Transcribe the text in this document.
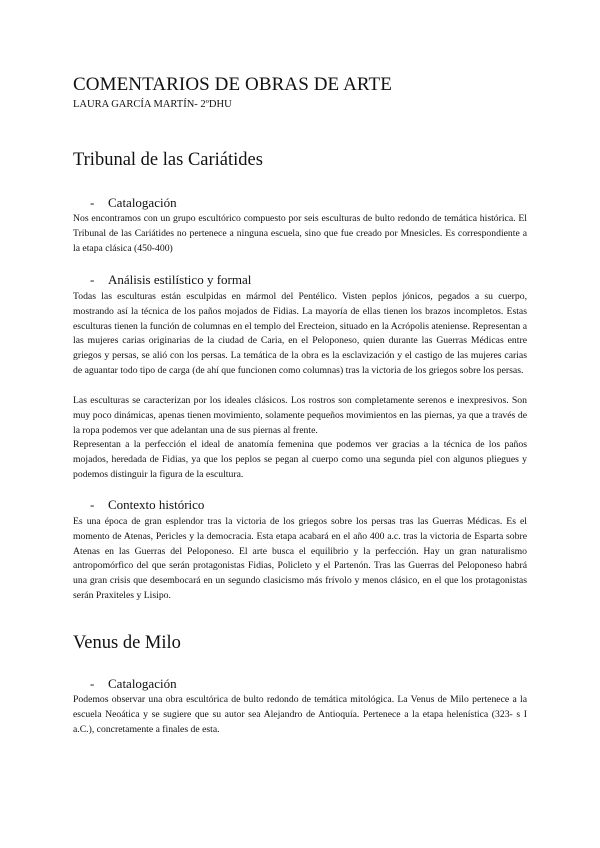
COMENTARIOS DE OBRAS DE ARTE
LAURA GARCÍA MARTÍN- 2ºDHU
Tribunal de las Cariátides
- Catalogación

Nos encontramos con un grupo escultórico compuesto por seis esculturas de bulto redondo de temática histórica. El Tribunal de las Cariátides no pertenece a ninguna escuela, sino que fue creado por Mnesicles. Es correspondiente a la etapa clásica (450-400)

- Análisis estilístico y formal

Todas las esculturas están esculpidas en mármol del Pentélico. Visten peplos jónicos, pegados a su cuerpo, mostrando así la técnica de los paños mojados de Fidias. La mayoría de ellas tienen los brazos incompletos. Estas esculturas tienen la función de columnas en el templo del Erecteion, situado en la Acrópolis ateniense. Representan a las mujeres carias originarias de la ciudad de Caria, en el Peloponeso, quien durante las Guerras Médicas entre griegos y persas, se alió con los persas. La temática de la obra es la esclavización y el castigo de las mujeres carias de aguantar todo tipo de carga (de ahí que funcionen como columnas) tras la victoria de los griegos sobre los persas.

Las esculturas se caracterizan por los ideales clásicos. Los rostros son completamente serenos e inexpresivos. Son muy poco dinámicas, apenas tienen movimiento, solamente pequeños movimientos en las piernas, ya que a través de la ropa podemos ver que adelantan una de sus piernas al frente.

Representan a la perfección el ideal de anatomía femenina que podemos ver gracias a la técnica de los paños mojados, heredada de Fidias, ya que los peplos se pegan al cuerpo como una segunda piel con algunos pliegues y podemos distinguir la figura de la escultura.

- Contexto histórico

Es una época de gran esplendor tras la victoria de los griegos sobre los persas tras las Guerras Médicas. Es el momento de Atenas, Pericles y la democracia. Esta etapa acabará en el año 400 a.c. tras la victoria de Esparta sobre Atenas en las Guerras del Peloponeso. El arte busca el equilibrio y la perfección. Hay un gran naturalismo antropomórfico del que serán protagonistas Fidias, Policleto y el Partenón. Tras las Guerras del Peloponeso habrá una gran crisis que desembocará en un segundo clasicismo más frívolo y menos clásico, en el que los protagonistas serán Praxiteles y Lisipo.

Venus de Milo
- Catalogación

Podemos observar una obra escultórica de bulto redondo de temática mitológica. La Venus de Milo pertenece a la escuela Neoática y se sugiere que su autor sea Alejandro de Antioquía. Pertenece a la etapa helenística (323- s I a.C.), concretamente a finales de esta.
